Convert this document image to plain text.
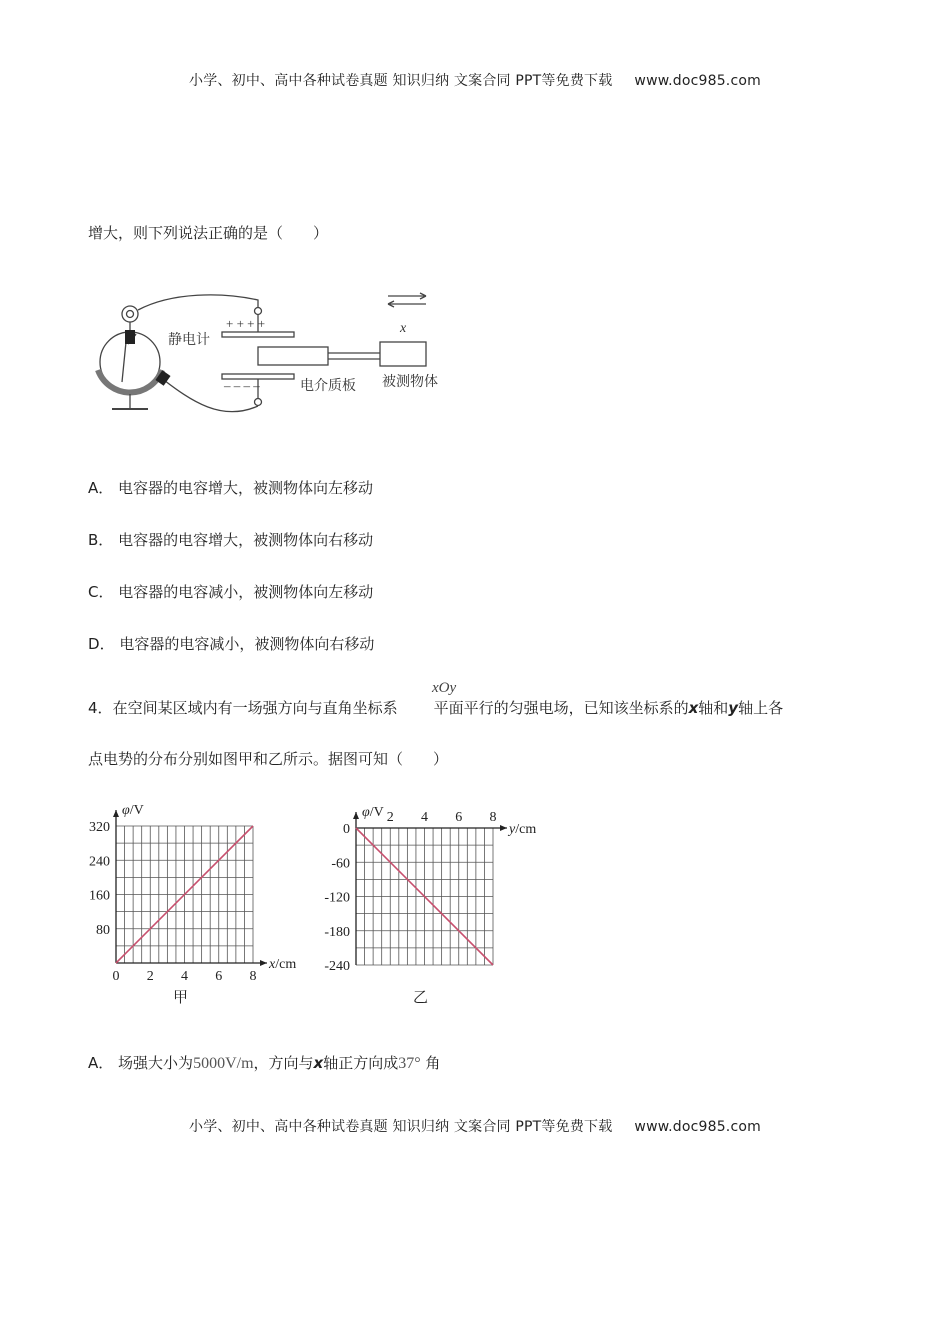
小学、初中、高中各种试卷真题 知识归纳 文案合同 PPT等免费下载 www.doc985.com
增大，则下列说法正确的是（　　）
+ + + +
– – – –
静电计
电介质板 被测物体
x
A． 电容器的电容增大，被测物体向左移动
B． 电容器的电容增大，被测物体向右移动
C． 电容器的电容减小，被测物体向左移动
D． 电容器的电容减小，被测物体向右移动
xOy
4．在空间某区域内有一场强方向与直角坐标系 平面平行的匀强电场，已知该坐标系的x轴和y轴上各
点电势的分布分别如图甲和乙所示。据图可知（　　）
0 2 4 6 8
80
160
240
320
x/cm
φ/V
甲
2 4 6 8
0
-60
-120
-180
-240
y/cm
φ/V
乙
A． 场强大小为5000V/m，方向与x轴正方向成37° 角
小学、初中、高中各种试卷真题 知识归纳 文案合同 PPT等免费下载 www.doc985.com
